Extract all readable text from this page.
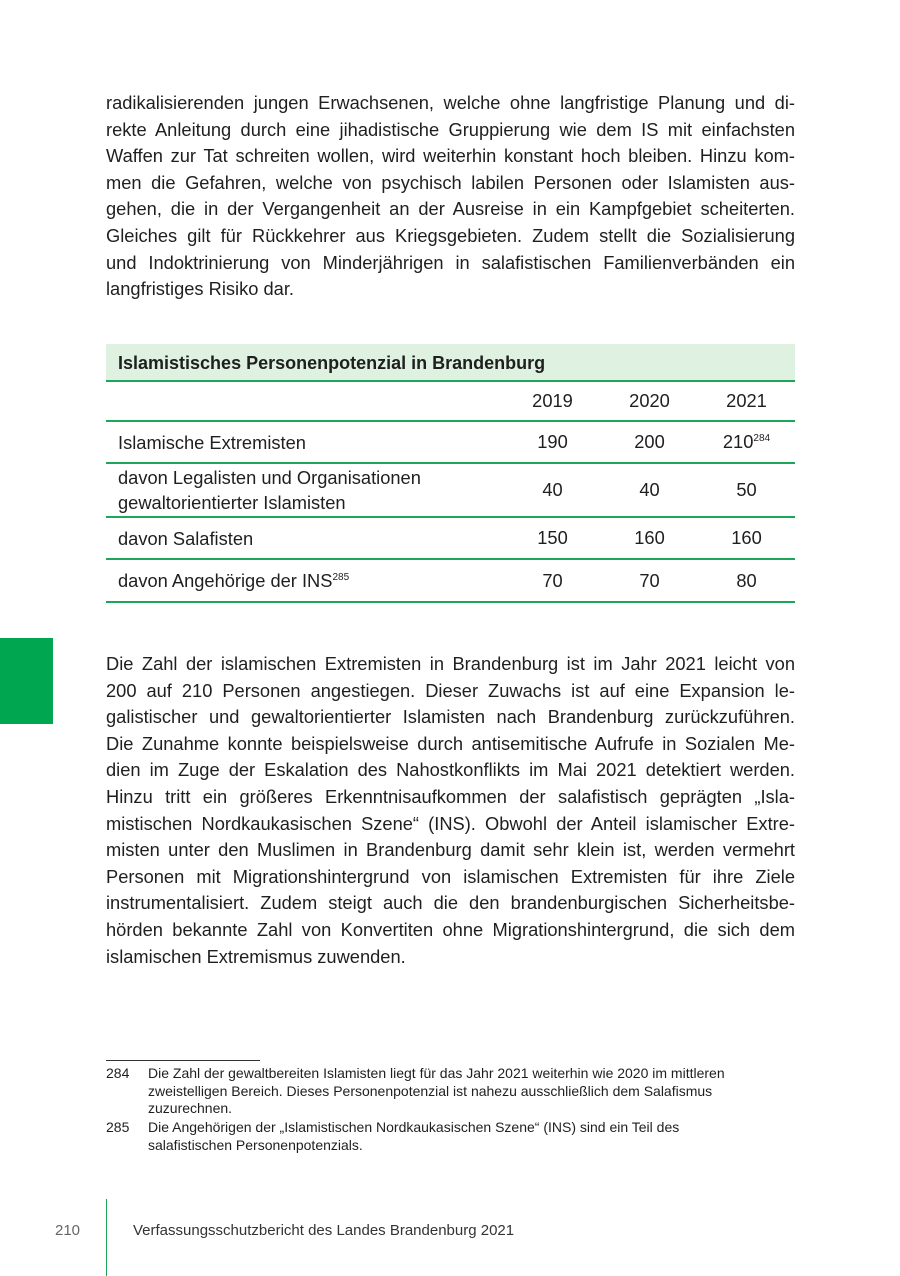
radikalisierenden jungen Erwachsenen, welche ohne langfristige Planung und di-
rekte Anleitung durch eine jihadistische Gruppierung wie dem IS mit einfachsten
Waffen zur Tat schreiten wollen, wird weiterhin konstant hoch bleiben. Hinzu kom-
men die Gefahren, welche von psychisch labilen Personen oder Islamisten aus-
gehen, die in der Vergangenheit an der Ausreise in ein Kampfgebiet scheiterten.
Gleiches gilt für Rückkehrer aus Kriegsgebieten. Zudem stellt die Sozialisierung
und Indoktrinierung von Minderjährigen in salafistischen Familienverbänden ein
langfristiges Risiko dar.
Islamistisches Personenpotenzial in Brandenburg
2019	2020	2021
Islamische Extremisten	190	200	$210^{284}$
davon Legalisten und Organisationen
gewaltorientierter Islamisten
40	40	50
davon Salafisten	150	160	160
davon Angehörige der INS$^{285}$	70	70	80
Die Zahl der islamischen Extremisten in Brandenburg ist im Jahr 2021 leicht von
200 auf 210 Personen angestiegen. Dieser Zuwachs ist auf eine Expansion le-
galistischer und gewaltorientierter Islamisten nach Brandenburg zurückzuführen.
Die Zunahme konnte beispielsweise durch antisemitische Aufrufe in Sozialen Me-
dien im Zuge der Eskalation des Nahostkonflikts im Mai 2021 detektiert werden.
Hinzu tritt ein größeres Erkenntnisaufkommen der salafistisch geprägten „Isla-
mistischen Nordkaukasischen Szene“ (INS). Obwohl der Anteil islamischer Extre-
misten unter den Muslimen in Brandenburg damit sehr klein ist, werden vermehrt
Personen mit Migrationshintergrund von islamischen Extremisten für ihre Ziele
instrumentalisiert. Zudem steigt auch die den brandenburgischen Sicherheitsbe-
hörden bekannte Zahl von Konvertiten ohne Migrationshintergrund, die sich dem
islamischen Extremismus zuwenden.
284	Die Zahl der gewaltbereiten Islamisten liegt für das Jahr 2021 weiterhin wie 2020 im mittleren
zweistelligen Bereich. Dieses Personenpotenzial ist nahezu ausschließlich dem Salafismus
zuzurechnen.
285	Die Angehörigen der „Islamistischen Nordkaukasischen Szene“ (INS) sind ein Teil des
salafistischen Personenpotenzials.
210	Verfassungsschutzbericht des Landes Brandenburg 2021
